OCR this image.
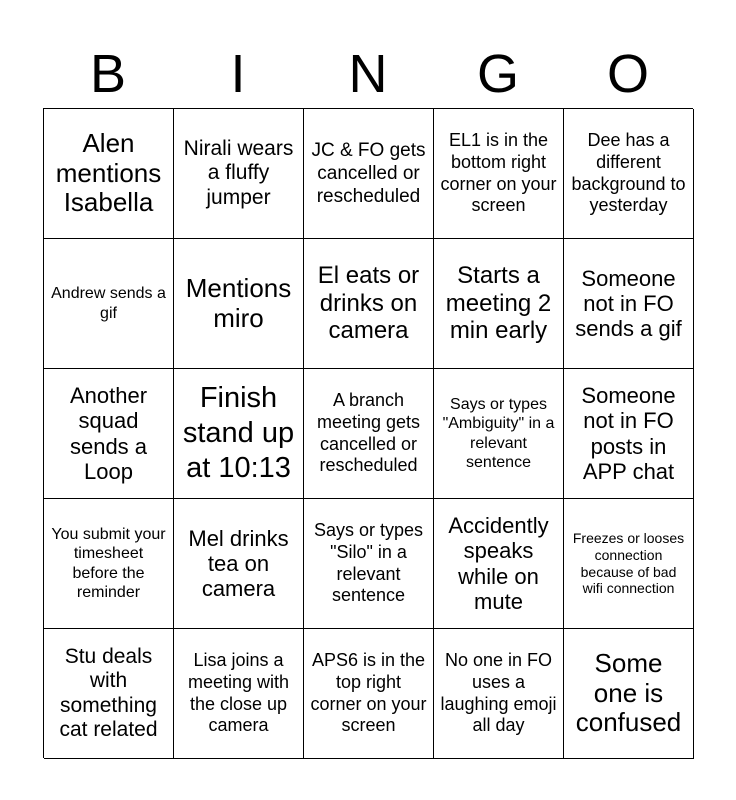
B	I	N	G	O
Alen mentions Isabella
Nirali wears a fluffy jumper
JC & FO gets cancelled or rescheduled
EL1 is in the bottom right corner on your screen
Dee has a different background to yesterday
Andrew sends a gif
Mentions miro
El eats or drinks on camera
Starts a meeting 2 min early
Someone not in FO sends a gif
Another squad sends a Loop
Finish stand up at 10:13
A branch meeting gets cancelled or rescheduled
Says or types "Ambiguity" in a relevant sentence
Someone not in FO posts in APP chat
You submit your timesheet before the reminder
Mel drinks tea on camera
Says or types "Silo" in a relevant sentence
Accidently speaks while on mute
Freezes or looses connection because of bad wifi connection
Stu deals with something cat related
Lisa joins a meeting with the close up camera
APS6 is in the top right corner on your screen
No one in FO uses a laughing emoji all day
Some one is confused
